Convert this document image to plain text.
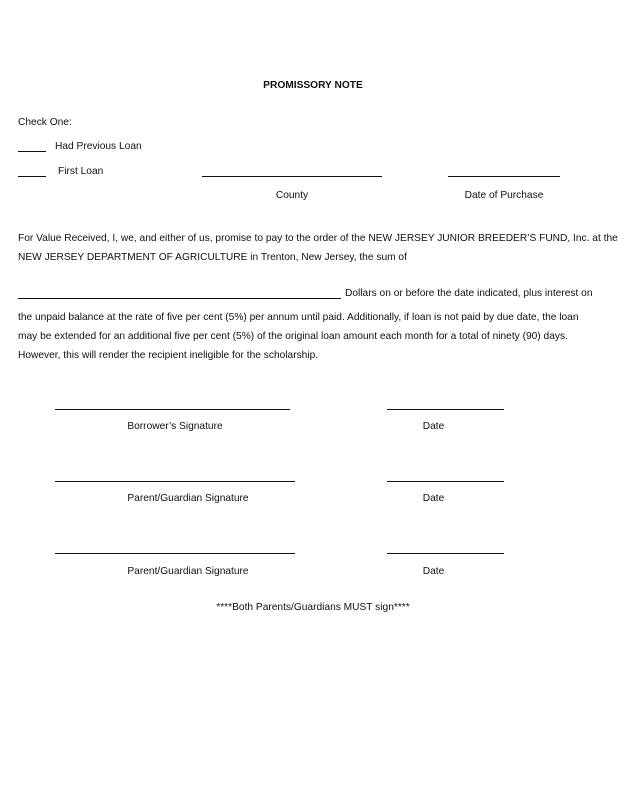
PROMISSORY NOTE
Check One:
Had Previous Loan
First Loan
County	Date of Purchase
For Value Received, I, we, and either of us, promise to pay to the order of the NEW JERSEY JUNIOR BREEDER’S FUND, Inc. at the
NEW JERSEY DEPARTMENT OF AGRICULTURE in Trenton, New Jersey, the sum of
Dollars on or before the date indicated, plus interest on
the unpaid balance at the rate of five per cent (5%) per annum until paid. Additionally, if loan is not paid by due date, the loan
may be extended for an additional five per cent (5%) of the original loan amount each month for a total of ninety (90) days.
However, this will render the recipient ineligible for the scholarship.
Borrower’s Signature	Date
Parent/Guardian Signature	Date
Parent/Guardian Signature	Date
****Both Parents/Guardians MUST sign****
